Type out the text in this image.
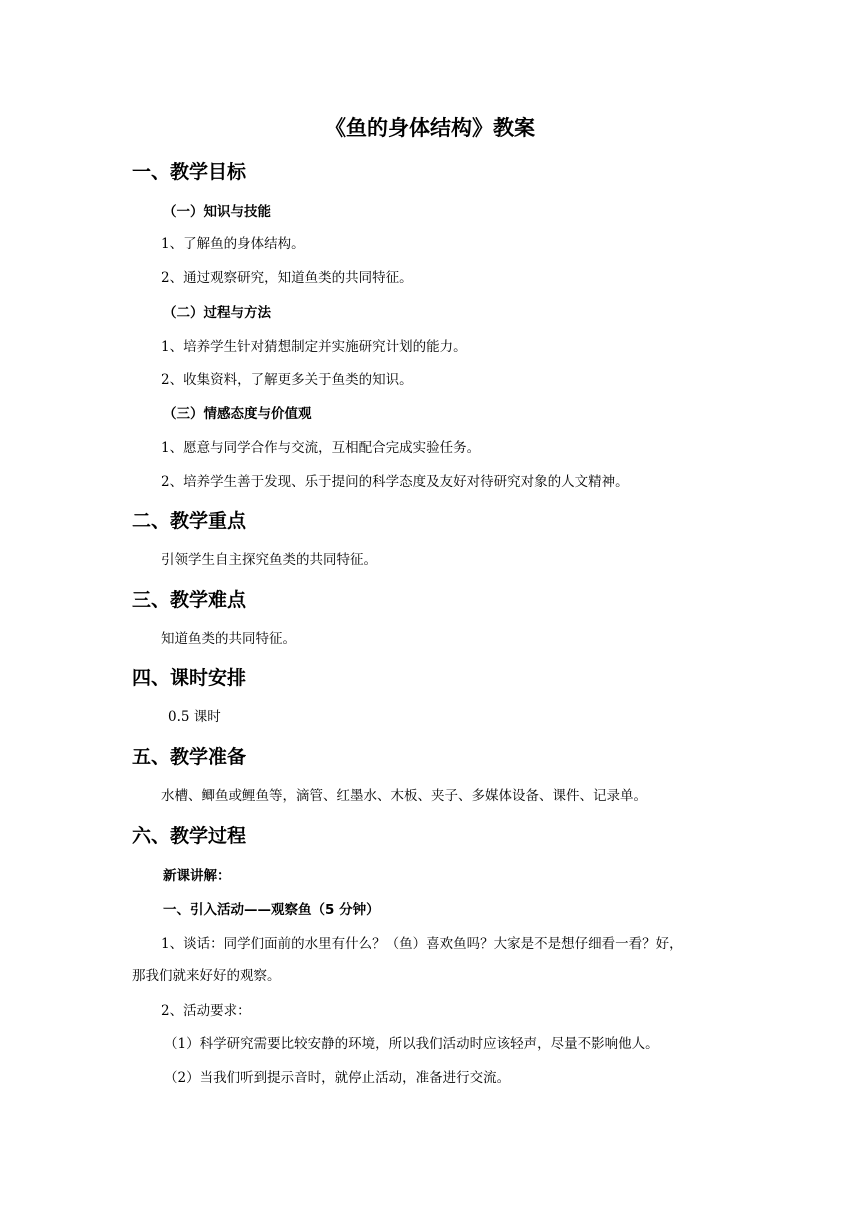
《鱼的身体结构》教案
一、教学目标
（一）知识与技能

1、了解鱼的身体结构。

2、通过观察研究，知道鱼类的共同特征。

（二）过程与方法

1、培养学生针对猜想制定并实施研究计划的能力。

2、收集资料，了解更多关于鱼类的知识。

（三）情感态度与价值观

1、愿意与同学合作与交流，互相配合完成实验任务。

2、培养学生善于发现、乐于提问的科学态度及友好对待研究对象的人文精神。

二、教学重点

引领学生自主探究鱼类的共同特征。

三、教学难点

知道鱼类的共同特征。

四、课时安排

0.5 课时

五、教学准备

水槽、鲫鱼或鲤鱼等，滴管、红墨水、木板、夹子、多媒体设备、课件、记录单。

六、教学过程
新课讲解：
一、引入活动——观察鱼（5 分钟）

1、谈话：同学们面前的水里有什么？（鱼）喜欢鱼吗？大家是不是想仔细看一看？好，

那我们就来好好的观察。

2、活动要求：

（1）科学研究需要比较安静的环境，所以我们活动时应该轻声，尽量不影响他人。

（2）当我们听到提示音时，就停止活动，准备进行交流。
